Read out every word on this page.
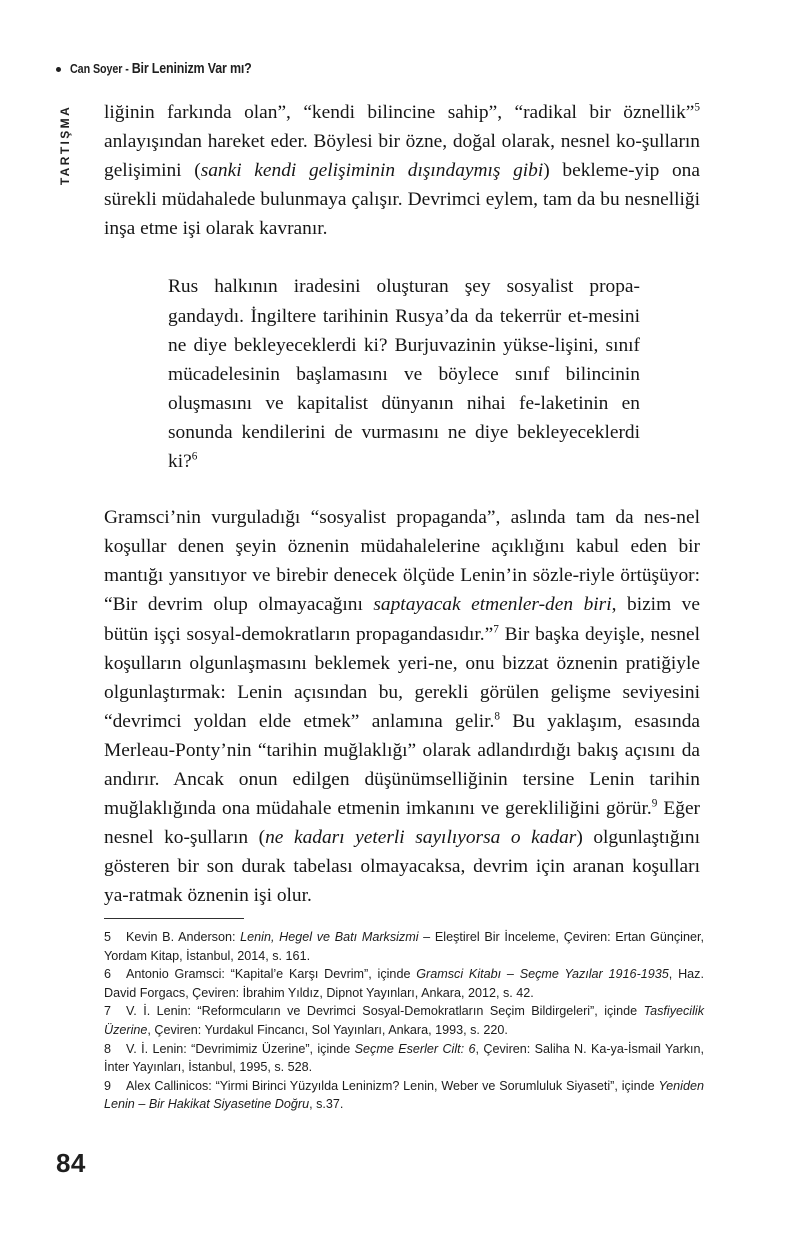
Can Soyer - Bir Leninizm Var mı?
TARTIŞMA liğinin farkında olan”, “kendi bilincine sahip”, “radikal bir öznellik”$^5$ anlayışından hareket eder. Böylesi bir özne, doğal olarak, nesnel ko-şulların gelişimini (sanki kendi gelişiminin dışındaymış gibi) bekleme-yip ona sürekli müdahalede bulunmaya çalışır. Devrimci eylem, tam da bu nesnelliği inşa etme işi olarak kavranır.

Rus halkının iradesini oluşturan şey sosyalist propa-gandaydı. İngiltere tarihinin Rusya’da da tekerrür et-mesini ne diye bekleyeceklerdi ki? Burjuvazinin yükse-lişini, sınıf mücadelesinin başlamasını ve böylece sınıf bilincinin oluşmasını ve kapitalist dünyanın nihai fe-laketinin en sonunda kendilerini de vurmasını ne diye bekleyeceklerdi ki?$^6$

Gramsci’nin vurguladığı “sosyalist propaganda”, aslında tam da nes-nel koşullar denen şeyin öznenin müdahalelerine açıklığını kabul eden bir mantığı yansıtıyor ve birebir denecek ölçüde Lenin’in sözle-riyle örtüşüyor: “Bir devrim olup olmayacağını saptayacak etmenler-den biri, bizim ve bütün işçi sosyal-demokratların propagandasıdır.”$^7$ Bir başka deyişle, nesnel koşulların olgunlaşmasını beklemek yeri-ne, onu bizzat öznenin pratiğiyle olgunlaştırmak: Lenin açısından bu, gerekli görülen gelişme seviyesini “devrimci yoldan elde etmek” anlamına gelir.$^8$ Bu yaklaşım, esasında Merleau-Ponty’nin “tarihin muğlaklığı” olarak adlandırdığı bakış açısını da andırır. Ancak onun edilgen düşünümselliğinin tersine Lenin tarihin muğlaklığında ona müdahale etmenin imkanını ve gerekliliğini görür.$^9$ Eğer nesnel ko-şulların (ne kadarı yeterli sayılıyorsa o kadar) olgunlaştığını gösteren bir son durak tabelası olmayacaksa, devrim için aranan koşulları ya-ratmak öznenin işi olur.

5 Kevin B. Anderson: Lenin, Hegel ve Batı Marksizmi – Eleştirel Bir İnceleme, Çeviren: Ertan Günçiner, Yordam Kitap, İstanbul, 2014, s. 161.

6 Antonio Gramsci: “Kapital’e Karşı Devrim”, içinde Gramsci Kitabı – Seçme Yazılar 1916-1935, Haz. David Forgacs, Çeviren: İbrahim Yıldız, Dipnot Yayınları, Ankara, 2012, s. 42.

7 V. İ. Lenin: “Reformcuların ve Devrimci Sosyal-Demokratların Seçim Bildirgeleri”, içinde Tasfiyecilik Üzerine, Çeviren: Yurdakul Fincancı, Sol Yayınları, Ankara, 1993, s. 220.

8 V. İ. Lenin: “Devrimimiz Üzerine”, içinde Seçme Eserler Cilt: 6, Çeviren: Saliha N. Ka-ya-İsmail Yarkın, İnter Yayınları, İstanbul, 1995, s. 528.

9 Alex Callinicos: “Yirmi Birinci Yüzyılda Leninizm? Lenin, Weber ve Sorumluluk Siyaseti”, içinde Yeniden Lenin – Bir Hakikat Siyasetine Doğru, s.37.

84
